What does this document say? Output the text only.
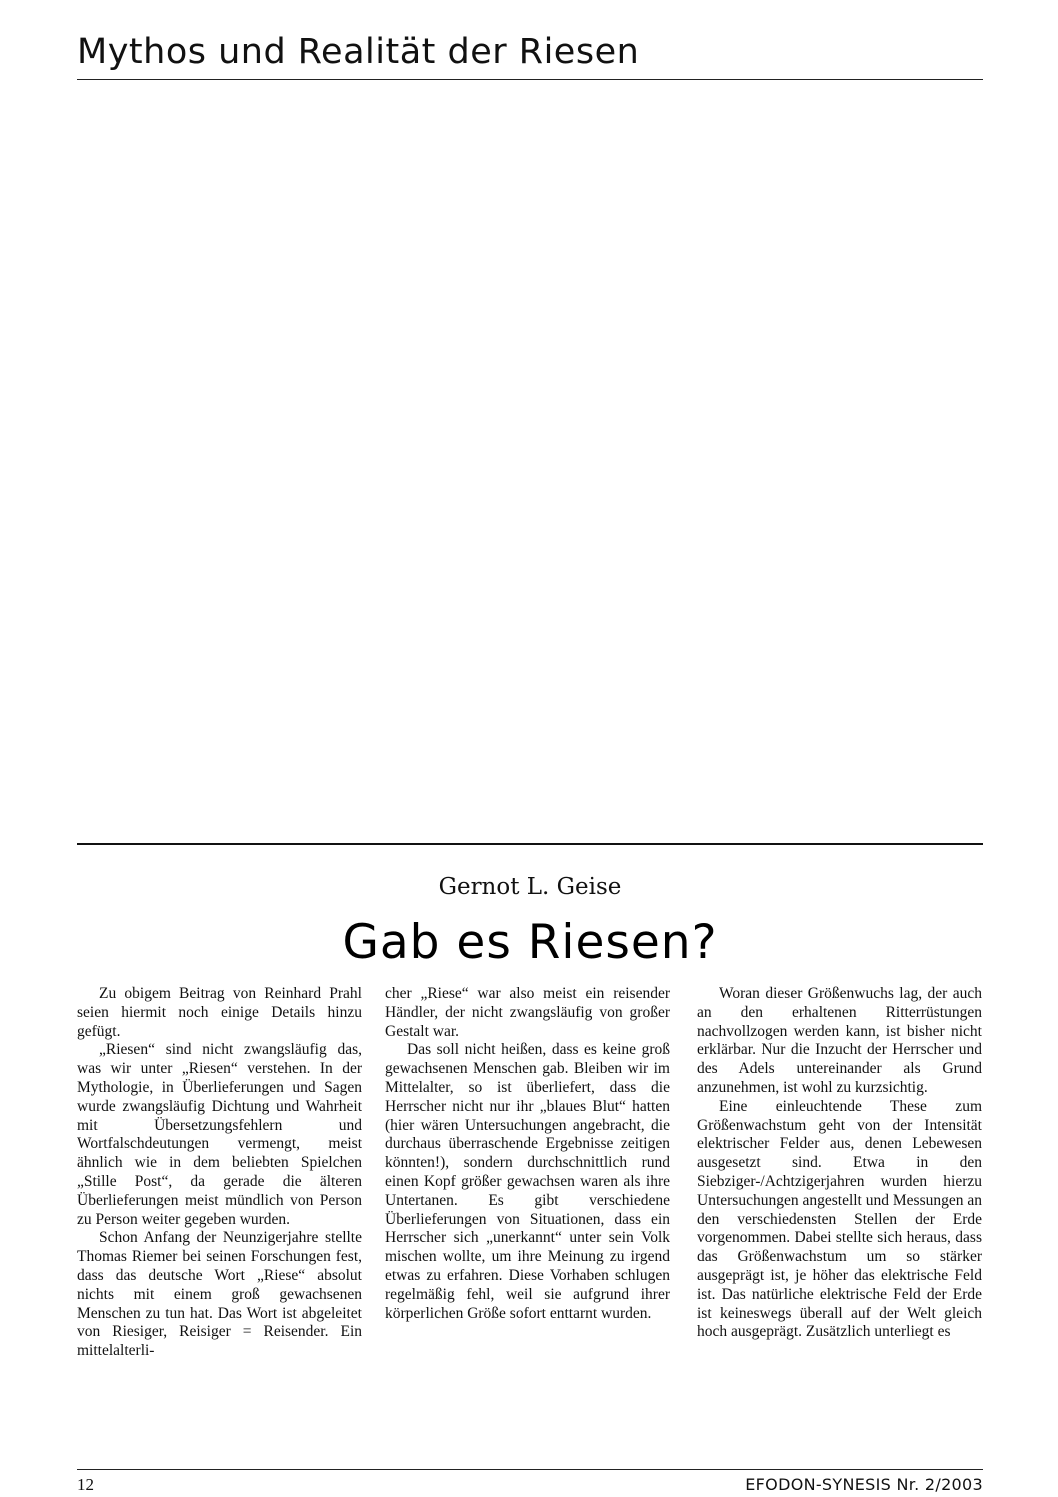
Mythos und Realität der Riesen
Gernot L. Geise
Gab es Riesen?

Zu obigem Beitrag von Reinhard Prahl seien hiermit noch einige Details hinzu gefügt.

„Riesen“ sind nicht zwangsläufig das, was wir unter „Riesen“ verstehen. In der Mythologie, in Überlieferungen und Sagen wurde zwangsläufig Dichtung und Wahrheit mit Übersetzungsfehlern und Wortfalschdeutungen vermengt, meist ähnlich wie in dem beliebten Spielchen „Stille Post“, da gerade die älteren Überlieferungen meist mündlich von Person zu Person weiter gegeben wurden.

Schon Anfang der Neunzigerjahre stellte Thomas Riemer bei seinen Forschungen fest, dass das deutsche Wort „Riese“ absolut nichts mit einem groß gewachsenen Menschen zu tun hat. Das Wort ist abgeleitet von Riesiger, Reisiger = Reisender. Ein mittelalterli-

cher „Riese“ war also meist ein reisender Händler, der nicht zwangsläufig von großer Gestalt war.

Das soll nicht heißen, dass es keine groß gewachsenen Menschen gab. Bleiben wir im Mittelalter, so ist überliefert, dass die Herrscher nicht nur ihr „blaues Blut“ hatten (hier wären Untersuchungen angebracht, die durchaus überraschende Ergebnisse zeitigen könnten!), sondern durchschnittlich rund einen Kopf größer gewachsen waren als ihre Untertanen. Es gibt verschiedene Überlieferungen von Situationen, dass ein Herrscher sich „unerkannt“ unter sein Volk mischen wollte, um ihre Meinung zu irgend etwas zu erfahren. Diese Vorhaben schlugen regelmäßig fehl, weil sie aufgrund ihrer körperlichen Größe sofort enttarnt wurden.

Woran dieser Größenwuchs lag, der auch an den erhaltenen Ritterrüstungen nachvollzogen werden kann, ist bisher nicht erklärbar. Nur die Inzucht der Herrscher und des Adels untereinander als Grund anzunehmen, ist wohl zu kurzsichtig.

Eine einleuchtende These zum Größenwachstum geht von der Intensität elektrischer Felder aus, denen Lebewesen ausgesetzt sind. Etwa in den Siebziger-/Achtzigerjahren wurden hierzu Untersuchungen angestellt und Messungen an den verschiedensten Stellen der Erde vorgenommen. Dabei stellte sich heraus, dass das Größenwachstum um so stärker ausgeprägt ist, je höher das elektrische Feld ist. Das natürliche elektrische Feld der Erde ist keineswegs überall auf der Welt gleich hoch ausgeprägt. Zusätzlich unterliegt es

12	EFODON-SYNESIS Nr. 2/2003
